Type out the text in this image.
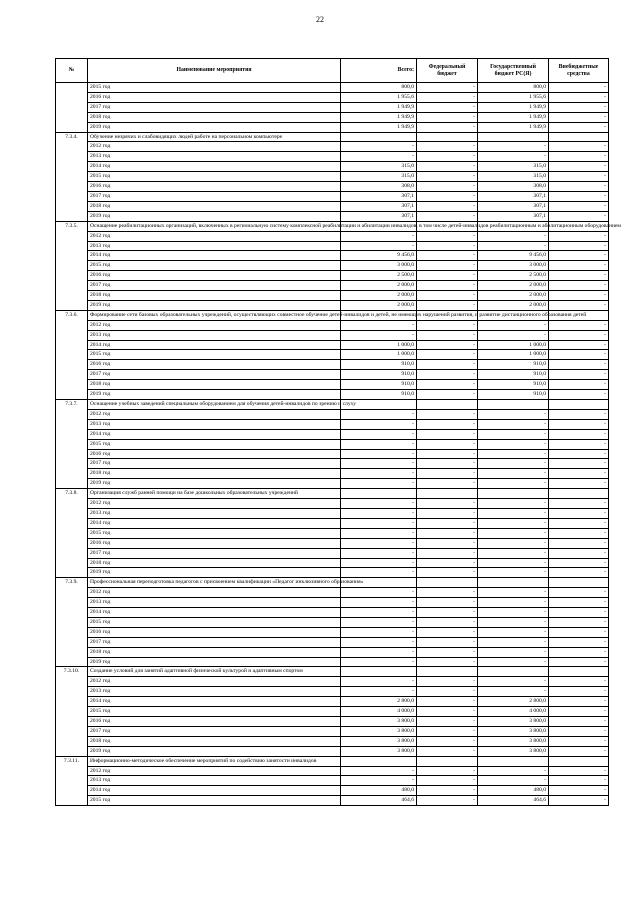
22
№	Наименование мероприятия	Всего:	Федеральный бюджет	Государственный бюджет РС(Я)	Внебюджетные средства
	2015 год	800,0	-	800,0	-
	2016 год	1 955,6	-	1 955,6	-
	2017 год	1 949,9	-	1 949,9	-
	2018 год	1 949,9	-	1 949,9	-
	2019 год	1 949,9	-	1 949,9	-
7.3.4.	Обучение незрячих и слабовидящих людей работе на персональном компьютере				
	2012 год	-	-	-	-
	2013 год	-	-	-	-
	2014 год	315,0	-	315,0	-
	2015 год	315,0	-	315,0	-
	2016 год	308,0	-	308,0	-
	2017 год	307,1	-	307,1	-
	2018 год	307,1	-	307,1	-
	2019 год	307,1	-	307,1	-
7.3.5.	Оснащение реабилитационных организаций, включенных в региональную систему комплексной реабилитации и абилитации инвалидов, в том числе детей-инвалидов реабилитационным и абилитационным оборудованием				
	2012 год	-	-	-	-
	2013 год	-	-	-	-
	2014 год	9 456,0	-	9 456,0	-
	2015 год	3 000,0	-	3 000,0	-
	2016 год	2 500,0	-	2 500,0	-
	2017 год	2 000,0	-	2 000,0	-
	2018 год	2 000,0	-	2 000,0	-
	2019 год	2 000,0	-	2 000,0	-
7.3.6.	Формирование сети базовых образовательных учреждений, осуществляющих совместное обучение детей-инвалидов и детей, не имеющих нарушений развития, и развитие дистанционного образования детей				
	2012 год	-	-	-	-
	2013 год	-	-	-	-
	2014 год	1 000,0	-	1 000,0	-
	2015 год	1 000,0	-	1 000,0	-
	2016 год	910,0	-	910,0	-
	2017 год	910,0	-	910,0	-
	2018 год	910,0	-	910,0	-
	2019 год	910,0	-	910,0	-
7.3.7.	Оснащение учебных заведений специальным оборудованием для обучения детей-инвалидов по зрению и слуху				
	2012 год	-	-	-	-
	2013 год	-	-	-	-
	2014 год	-	-	-	-
	2015 год	-	-	-	-
	2016 год	-	-	-	-
	2017 год	-	-	-	-
	2018 год	-	-	-	-
	2019 год	-	-	-	-
7.3.8.	Организация служб ранней помощи на базе дошкольных образовательных учреждений				
	2012 год	-	-	-	-
	2013 год	-	-	-	-
	2014 год	-	-	-	-
	2015 год	-	-	-	-
	2016 год	-	-	-	-
	2017 год	-	-	-	-
	2018 год	-	-	-	-
	2019 год	-	-	-	-
7.3.9.	Профессиональная переподготовка педагогов с присвоением квалификации «Педагог инклюзивного образования»				
	2012 год	-	-	-	-
	2013 год	-	-	-	-
	2014 год	-	-	-	-
	2015 год	-	-	-	-
	2016 год	-	-	-	-
	2017 год	-	-	-	-
	2018 год	-	-	-	-
	2019 год	-	-	-	-
7.3.10.	Создание условий для занятий адаптивной физической культурой и адаптивным спортом				
	2012 год	-	-	-	-
	2013 год	-	-	-	-
	2014 год	2 800,0	-	2 800,0	-
	2015 год	4 000,0	-	4 000,0	-
	2016 год	3 800,0	-	3 800,0	-
	2017 год	3 800,0	-	3 800,0	-
	2018 год	3 800,0	-	3 800,0	-
	2019 год	3 800,0	-	3 800,0	-
7.3.11.	Информационно-методическое обеспечение мероприятий по содействию занятости инвалидов				
	2012 год	-	-	-	-
	2013 год	-	-	-	-
	2014 год	480,0	-	480,0	-
	2015 год	464,6	-	464,6	-
